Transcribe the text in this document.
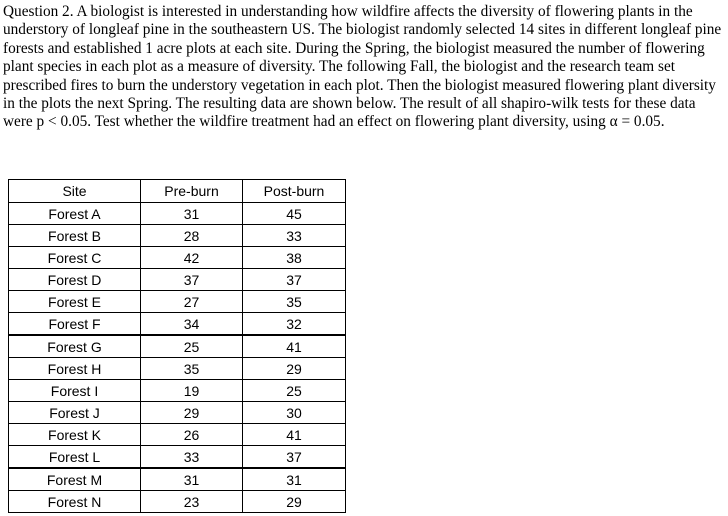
Question 2. A biologist is interested in understanding how wildfire affects the diversity of flowering plants in the understory of longleaf pine in the southeastern US. The biologist randomly selected 14 sites in different longleaf pine forests and established 1 acre plots at each site. During the Spring, the biologist measured the number of flowering plant species in each plot as a measure of diversity. The following Fall, the biologist and the research team set prescribed fires to burn the understory vegetation in each plot. Then the biologist measured flowering plant diversity in the plots the next Spring. The resulting data are shown below. The result of all shapiro-wilk tests for these data were p < 0.05. Test whether the wildfire treatment had an effect on flowering plant diversity, using α = 0.05.

Site	Pre-burn	Post-burn
Forest A	31	45
Forest B	28	33
Forest C	42	38
Forest D	37	37
Forest E	27	35
Forest F	34	32
Forest G	25	41
Forest H	35	29
Forest I	19	25
Forest J	29	30
Forest K	26	41
Forest L	33	37
Forest M	31	31
Forest N	23	29
